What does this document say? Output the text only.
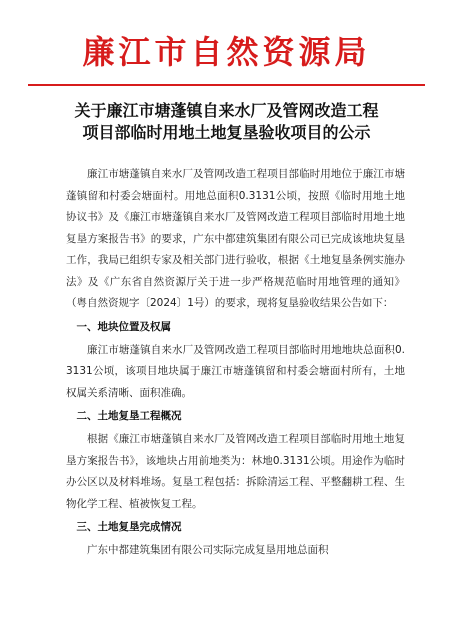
廉江市自然资源局
关于廉江市塘蓬镇自来水厂及管网改造工程
项目部临时用地土地复垦验收项目的公示

廉江市塘蓬镇自来水厂及管网改造工程项目部临时用地位于廉江市塘蓬镇留和村委会塘面村。用地总面积0.3131公顷，按照《临时用地土地协议书》及《廉江市塘蓬镇自来水厂及管网改造工程项目部临时用地土地复垦方案报告书》的要求，广东中都建筑集团有限公司已完成该地块复垦工作，我局已组织专家及相关部门进行验收，根据《土地复垦条例实施办法》及《广东省自然资源厅关于进一步严格规范临时用地管理的通知》（粤自然资规字〔2024〕1号）的要求，现将复垦验收结果公告如下：

一、地块位置及权属

廉江市塘蓬镇自来水厂及管网改造工程项目部临时用地地块总面积0.3131公顷，该项目地块属于廉江市塘蓬镇留和村委会塘面村所有，土地权属关系清晰、面积准确。

二、土地复垦工程概况

根据《廉江市塘蓬镇自来水厂及管网改造工程项目部临时用地土地复垦方案报告书》，该地块占用前地类为：林地0.3131公顷。用途作为临时办公区以及材料堆场。复垦工程包括：拆除清运工程、平整翻耕工程、生物化学工程、植被恢复工程。

三、土地复垦完成情况

广东中都建筑集团有限公司实际完成复垦用地总面积
